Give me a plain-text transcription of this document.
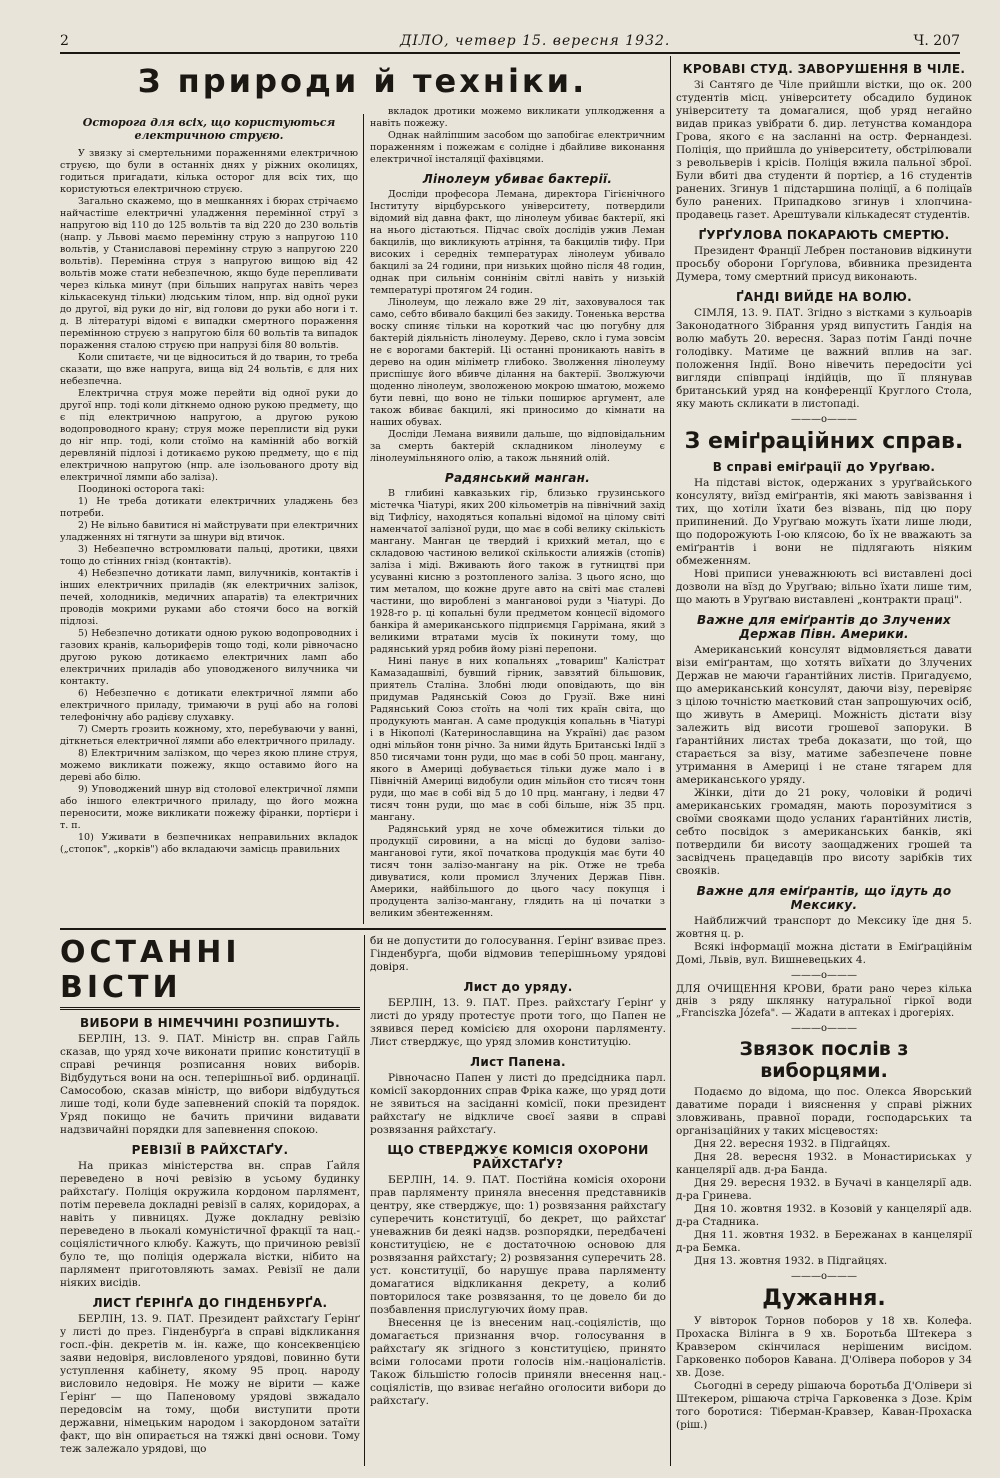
2	ДІЛО, четвер 15. вересня 1932.	Ч. 207
З природи й техніки.
Осторога для всіх, що користуються електричною струєю.

У звязку зі смертельними пораженнями електричною струєю, що були в останніх днях у ріжних околицях, годиться пригадати, кілька осторог для всіх тих, що користуються електричною струєю.

Загально скажемо, що в мешканнях і бюрах стрічаємо найчастіше електричні уладження перемінної струї з напругою від 110 до 125 вольтів та від 220 до 230 вольтів (напр. у Львові маємо перемінну струю з напругою 110 вольтів, у Станиславові перемінну струю з напругою 220 вольтів). Перемінна струя з напругою вищою від 42 вольтів може стати небезпечною, якщо буде перепливати через кілька минут (при більших напругах навіть через кількасекунд тільки) людським тілом, нпр. від одної руки до другої, від руки до ніг, від голови до руки або ноги і т. д. В літературі відомі є випадки смертного пораження перемінною струєю з напругою біля 60 вольтів та випадок пораження сталою струєю при напрузі біля 80 вольтів.

Коли спитаєте, чи це відноситься й до тварин, то треба сказати, що вже напруга, вища від 24 вольтів, є для них небезпечна.

Електрична струя може перейти від одної руки до другої нпр. тоді коли діткнемо одною рукою предмету, що є під електричною напругою, а другою рукою водопроводного крану; струя може переплисти від руки до ніг нпр. тоді, коли стоїмо на камінній або вогкій деревляній підлозі і дотикаємо рукою предмету, що є під електричною напругою (нпр. але ізольованого дроту від електричної лямпи або заліза).

Поодинокі осторога такі:

1) Не треба дотикати електричних уладжень без потреби.

2) Не вільно бавитися ні майструвати при електричних уладженнях ні тягнути за шнури від втичок.

3) Небезпечно встромлювати пальці, дротики, цвяхи тощо до стінних гнізд (контактів).

4) Небезпечно дотикати ламп, вилучників, контактів і інших електричних приладів (як електричних залізок, печей, холодників, медичних апаратів) та електричних проводів мокрими руками або стоячи босо на вогкій підлозі.

5) Небезпечно дотикати одною рукою водопроводних і газових кранів, кальориферів тощо тоді, коли рівночасно другою рукою дотикаємо електричних ламп або електричних приладів або уповодженого вилучника чи контакту.

6) Небезпечно є дотикати електричної лямпи або електричного приладу, тримаючи в руці або на голові телефонічну або радієву слухавку.

7) Смерть грозить кожному, хто, перебуваючи у ванні, діткнеться електричної лямпи або електричного приладу.

8) Електричним залізком, що через якою плине струя, можемо викликати пожежу, якщо оставимо його на дереві або білю.

9) Уповоджений шнур від столової електричної лямпи або іншого електричного приладу, що його можна переносити, може викликати пожежу фіранки, портієри і т. п.

10) Уживати в безпечниках неправильних вкладок („стопок", „корків") або вкладаючи замісць правильних

вкладок дротики можемо викликати уплкодження а навіть пожежу.

Однак найліпшим засобом що запобігає електричним пораженням і пожежам є солідне і дбайливе виконання електричної інсталяції фахівцями.

Лінолеум убиває бактерії.

Досліди професора Лемана, директора Гігієнічного Інституту вірцбурського університету, потвердили відомий від давна факт, що лінолеум убиває бактерії, які на нього дістаються. Підчас своїх дослідів ужив Леман бакцилів, що викликують атріння, та бакцилів тифу. При високих і середніх температурах лінолеум убивало бакцилі за 24 години, при низьких щойно після 48 годин, однак при сильнім соннінім світлі навіть у низькій температурі протягом 24 годин.

Лінолеум, що лежало вже 29 літ, заховувалося так само, себто вбивало бакцилі без закиду. Тоненька верства воску спиняє тільки на короткий час цю погубну для бактерій діяльність лінолеуму. Дерево, скло і гума зовсім не є ворогами бактерій. Ці останні проникають навіть в дерево на один міліметр глибоко. Зволження лінолеуму приспішує його вбивче ділання на бактерії. Зволжуючи щоденно лінолеум, зволоженою мокрою шматою, можемо бути певні, що воно не тільки поширює аргумент, але також вбиває бакцилі, які приносимо до кімнати на наших обувах.

Досліди Лемана виявили дальше, що відповідальним за смерть бактерій складником лінолеуму є лінолеумільняного олію, а також льняний олій.

Радянський манган.

В глибині кавказьких гір, близько грузинського містечка Чіатурі, яких 200 кільометрів на північний захід від Тифлісу, находяться копальні відомої на цілому світі наменчатої залізної руди, що має в собі велику скількість мангану. Манган це твердий і крихкий метал, що є складовою частиною великої скількости алияжів (стопів) заліза і міді. Вживають його також в гутництві при усуванні кисню з розтопленого заліза. З цього ясно, що тим металом, що кожне друге авто на світі має сталеві частини, що вироблені з мангановоі руди з Чіатурі. До 1928-го р. ці копальні були предметом концесії відомого банкіра й американського підприємця Гаррімана, який з великими втратами мусів їх покинути тому, що радянський уряд робив йому різні перепони.

Нині панує в них копальнях „товариш" Калістрат Камазадашвілі, бувший гірник, завзятий більшовик, приятель Сталіна. Злобні люди оповідають, що він придумав Радянській Союз до Грузії. Вже нині Радянський Союз стоїть на чолі тих країн світа, що продукують манган. А саме продукція копальнь в Чіатурі і в Нікополі (Катеринославщина на Україні) дає разом одні мільйон тонн річно. За ними йдуть Британські Індії з 850 тисячами тонн руди, що має в собі 50 проц. мангану, якого в Америці добувається тільки дуже мало і в Північній Америці видобули один мільйон сто тисяч тонн руди, що має в собі від 5 до 10 прц. мангану, і ледви 47 тисяч тонн руди, що має в собі більше, ніж 35 прц. мангану.

Радянський уряд не хоче обмежитися тільки до продукції сировини, а на місці до будови залізо-мангановоі гути, якої початкова продукція має бути 40 тисяч тонн залізо-мангану на рік. Отже не треба дивуватися, коли промисл Злучених Держав Півн. Америки, найбільшого до цього часу покупця і продуцента залізо-мангану, глядить на ці початки з великим збентеженням.

КРОВАВІ СТУД. ЗАВОРУШЕННЯ В ЧІЛЕ.

Зі Сантяго де Чіле прийшли вістки, що ок. 200 студентів місц. університету обсадило будинок університету та домагалися, щоб уряд негайно видав приказ увібрати б. дир. летунства командора Грова, якого є на засланні на остр. Фернандезі. Поліція, що прийшла до університету, обстрілювали з револьверів і крісів. Поліція вжила пальної зброї. Були вбиті два студенти й портієр, а 16 студентів ранених. Згинув 1 підстаршина поліції, а 6 поліцаїв було ранених. Припадково згинув і хлопчина-продавець газет. Арештували кількадесят студентів.

ҐУРҐУЛОВА ПОКАРАЮТЬ СМЕРТЮ.

Президент Франції Лебрен постановив відкинути просьбу оборони Ґорґулова, вбивника президента Думера, тому смертний присуд виконають.

ҐАНДІ ВИЙДЕ НА ВОЛЮ.

СІМЛЯ, 13. 9. ПАТ. Згідно з вістками з кульоарів Законодатного Зібрання уряд випустить Ґандія на волю мабуть 20. вересня. Зараз потім Ґанді почне голодівку. Матиме це важний вплив на заг. положення Індії. Воно нівечить передосіти усі вигляди співпраці індійців, що її плянував британський уряд на конференції Круглого Стола, яку мають скликати в листопаді.

———o———
З еміґраційних справ.
В справі еміґрації до Уруґваю.

На підставі вісток, одержаних з уруґвайського консуляту, виїзд еміґрантів, які мають завізвання і тих, що хотіли їхати без візвань, під цю пору припинений. До Уруґваю можуть їхати лише люди, що подорожують І-ою клясою, бо їх не вважають за еміґрантів і вони не підлягають ніяким обмеженням.

Нові приписи уневажнюють всі виставлені досі дозволи на вїзд до Уруґваю; вільно їхати лише тим, що мають в Уруґваю виставлені „контракти праці".

Важне для еміґрантів до Злучених Держав Півн. Америки.

Американський консулят відмовляється давати візи еміґрантам, що хотять виїхати до Злучених Держав не маючи ґарантійних листів. Пригадуємо, що американський консулят, даючи візу, перевіряє з цілою точністю маєтковий стан запрошуючих осіб, що живуть в Америці. Можність дістати візу залежить від висоти грошевої запоруки. В ґарантійних листах треба доказати, що той, що старається за візу, матиме забезпечене повне утримання в Америці і не стане тягарем для американського уряду.

Жінки, діти до 21 року, чоловіки й родичі американських громадян, мають порозумітися з своїми свояками щодо усланих ґарантійних листів, себто посвідок з американських банків, які потвердили би висоту заощаджених грошей та засвідчень працедавців про висоту зарібків тих свояків.

Важне для еміґрантів, що їдуть до Мексику.

Найближчий транспорт до Мексику їде дня 5. жовтня ц. р.

Всякі інформації можна дістати в Еміґраційнім Домі, Львів, вул. Вишневецьких 4.

———o———

ДЛЯ ОЧИЩЕННЯ КРОВИ, брати рано через кілька днів з ряду шклянку натуральної гіркої води „Franciszka Józefa". — Жадати в аптеках і дрогеріях.

———o———
Звязок послів з виборцями.

Подаємо до відома, що пос. Олекса Яворський даватиме поради і вияснення у справі ріжних зловживань, правної поради, господарських та організаційних у таких місцевостях:

Дня 22. вересня 1932. в Підгайцях.

Дня 28. вересня 1932. в Монастириськах у канцелярії адв. д-ра Банда.

Дня 29. вересня 1932. в Бучачі в канцелярії адв. д-ра Гринева.

Дня 10. жовтня 1932. в Козовій у канцелярії адв. д-ра Стадника.

Дня 11. жовтня 1932. в Бережанах в канцелярії д-ра Бемка.

Дня 13. жовтня 1932. в Підгайцях.

———o———
Дужання.

У вівторок Торнов поборов у 18 хв. Колефа. Прохаска Вілінга в 9 хв. Боротьба Штекера з Кравзером скінчилася нерішеним висідом. Гарковенко поборов Кавана. Д'Олівера поборов у 34 хв. Дозе.

Сьогодні в середу рішаюча боротьба Д'Олівери зі Штекером, рішаюча стріча Гарковенка з Дозе. Крім того боротися: Тіберман-Кравзер, Каван-Прохаска (ріш.)

ОСТАННІ ВІСТИ
ВИБОРИ В НІМЕЧЧИНІ РОЗПИШУТЬ.

БЕРЛІН, 13. 9. ПАТ. Міністр вн. справ Гайль сказав, що уряд хоче виконати припис конституції в справі речинця розписання нових виборів. Відбудуться вони на осн. теперішньої виб. ординації. Самособою, сказав міністр, що вибори відбудуться лише тоді, коли буде запевнений спокій та порядок. Уряд покищо не бачить причини видавати надзвичайні порядки для запевнення спокою.

РЕВІЗІЇ В РАЙХСТАҐУ.

На приказ міністерства вн. справ Ґайля переведено в ночі ревізію в усьому будинку райхстаґу. Поліція окружила кордоном парлямент, потім перевела докладні ревізії в салях, коридорах, а навіть у пивницях. Дуже докладну ревізію переведено в льокалі комуністичної фракції та нац.-соціялістичного клюбу. Кажуть, що причиною ревізії було те, що поліція одержала вістки, нібито на парлямент приготовляють замах. Ревізії не дали ніяких висідів.

ЛИСТ ҐЕРІНҐА ДО ГІНДЕНБУРҐА.

БЕРЛІН, 13. 9. ПАТ. Президент райхстаґу Ґерінґ у листі до през. Гінденбурґа в справі відкликання госп.-фін. декретів м. ін. каже, що конcеквенцією заяви недовіря, висловленого урядові, повинно бути уступлення кабінету, якому 95 проц. народу висловило недовіря. Не можу не вірити — каже Ґерінґ — що Папеновому урядові звжадало передовсім на тому, щоби виступити проти державни, німецьким народом і закордоном затаїти факт, що він опирається на тяжкі двні основи. Тому теж залежало урядові, що

би не допустити до голосування. Ґерінґ взиває през. Гінденбурґа, щоби відмовив теперішньому урядові довіря.

Лист до уряду.

БЕРЛІН, 13. 9. ПАТ. През. райхстаґу Ґерінґ у листі до уряду протестує проти того, що Папен не зявився перед комісією для охорони парляменту. Лист стверджує, що уряд зломив конституцію.

Лист Папена.

Рівночасно Папен у листі до предсідника парл. комісії закордонних справ Фріка каже, що уряд доти не зявиться на засіданні комісії, поки президент райхстаґу не відкличе своєї заяви в справі розвязання райхстаґу.

ЩО СТВЕРДЖУЄ КОМІСІЯ ОХОРОНИ РАЙХСТАҐУ?

БЕРЛІН, 14. 9. ПАТ. Постійна комісія охорони прав парляменту приняла внесення представників центру, яке стверджує, що: 1) розвязання райхстаґу суперечить конституції, бо декрет, що райхстаґ уневажнив би деякі надзв. розпорядки, передбачені конституцією, не є достаточною основою для розвязання райхстаґу; 2) розвязання суперечить 28. уст. конституції, бо нарушує права парляменту домагатися відкликання декрету, а колиб повторилося таке розвязання, то це довело би до позбавлення прислугуючих йому прав.

Внесення це із внесеним нац.-соціялістів, що домагається признання вчор. голосування в райхстаґу як згідного з конституцією, принято всіми голосами проти голосів нім.-націоналістів. Також більшістю голосів приняли внесення нац.-соціялістів, що взиває неґайно оголосити вибори до райхстаґу.
